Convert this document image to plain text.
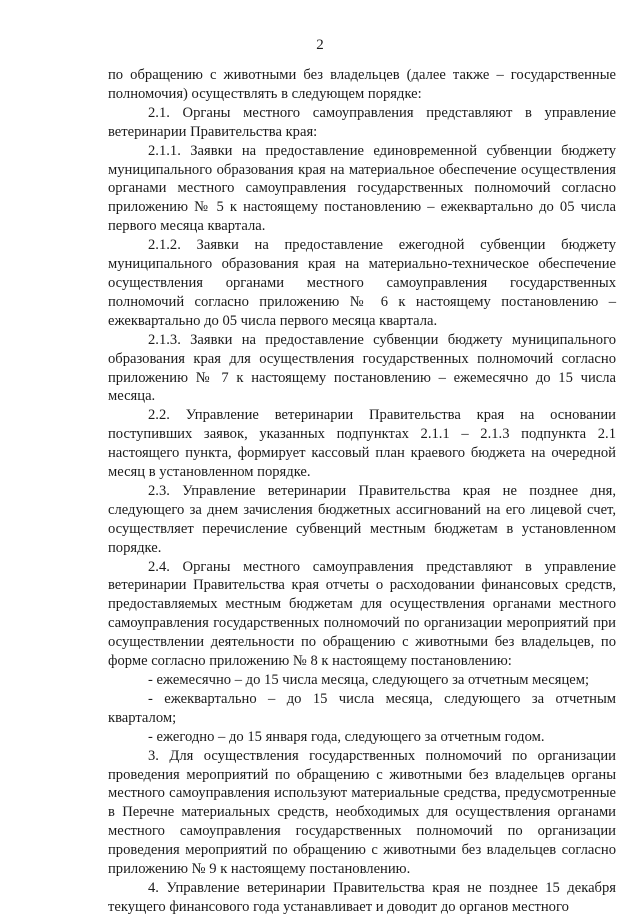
2

по обращению с животными без владельцев (далее также – государственные полномочия) осуществлять в следующем порядке:

2.1. Органы местного самоуправления представляют в управление ветеринарии Правительства края:

2.1.1. Заявки на предоставление единовременной субвенции бюджету муниципального образования края на материальное обеспечение осуществления органами местного самоуправления государственных полномочий согласно приложению № 5 к настоящему постановлению – ежеквартально до 05 числа первого месяца квартала.

2.1.2. Заявки на предоставление ежегодной субвенции бюджету муниципального образования края на материально-техническое обеспечение осуществления органами местного самоуправления государственных полномочий согласно приложению № 6 к настоящему постановлению – ежеквартально до 05 числа первого месяца квартала.

2.1.3. Заявки на предоставление субвенции бюджету муниципального образования края для осуществления государственных полномочий согласно приложению № 7 к настоящему постановлению – ежемесячно до 15 числа месяца.

2.2. Управление ветеринарии Правительства края на основании поступивших заявок, указанных подпунктах 2.1.1 – 2.1.3 подпункта 2.1 настоящего пункта, формирует кассовый план краевого бюджета на очередной месяц в установленном порядке.

2.3. Управление ветеринарии Правительства края не позднее дня, следующего за днем зачисления бюджетных ассигнований на его лицевой счет, осуществляет перечисление субвенций местным бюджетам в установленном порядке.

2.4. Органы местного самоуправления представляют в управление ветеринарии Правительства края отчеты о расходовании финансовых средств, предоставляемых местным бюджетам для осуществления органами местного самоуправления государственных полномочий по организации мероприятий при осуществлении деятельности по обращению с животными без владельцев, по форме согласно приложению № 8 к настоящему постановлению:

- ежемесячно – до 15 числа месяца, следующего за отчетным месяцем;

- ежеквартально – до 15 числа месяца, следующего за отчетным кварталом;

- ежегодно – до 15 января года, следующего за отчетным годом.

3. Для осуществления государственных полномочий по организации проведения мероприятий по обращению с животными без владельцев органы местного самоуправления используют материальные средства, предусмотренные в Перечне материальных средств, необходимых для осуществления органами местного самоуправления государственных полномочий по организации проведения мероприятий по обращению с животными без владельцев согласно приложению № 9 к настоящему постановлению.

4. Управление ветеринарии Правительства края не позднее 15 декабря текущего финансового года устанавливает и доводит до органов местного
